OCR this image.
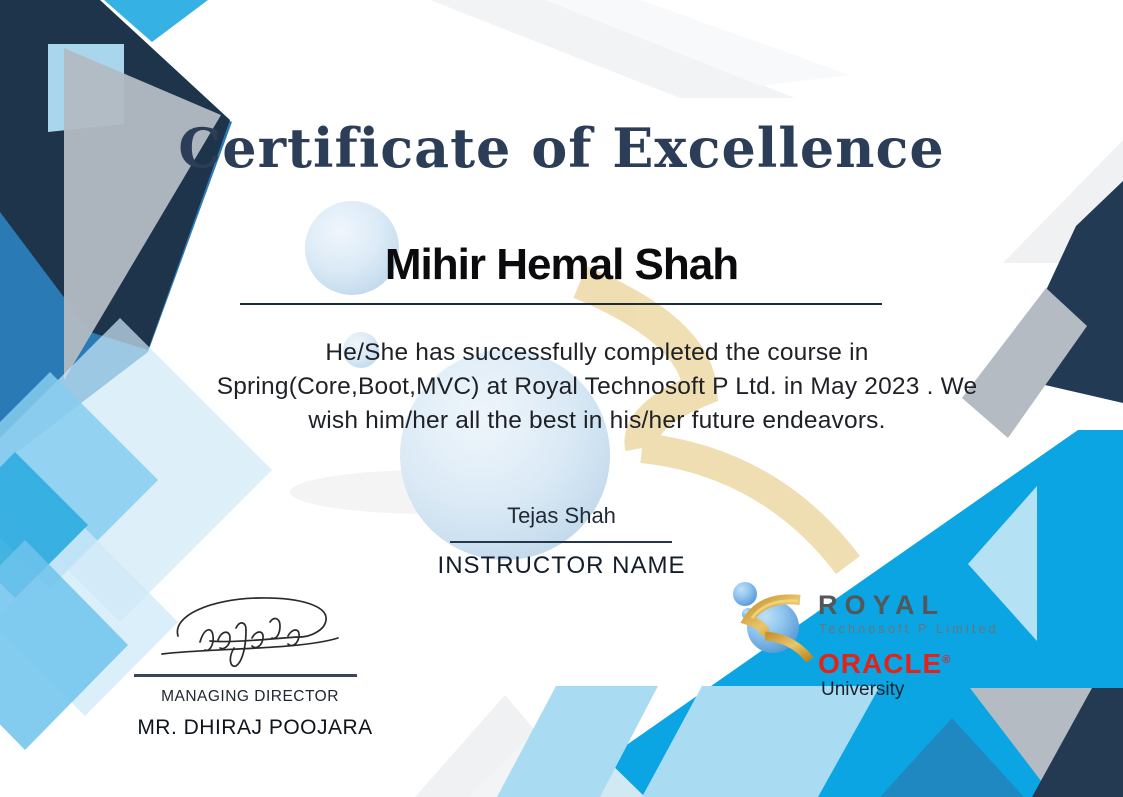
Certificate of Excellence
Mihir Hemal Shah
He/She has successfully completed the course in Spring(Core,Boot,MVC) at Royal Technosoft P Ltd. in May 2023 . We wish him/her all the best in his/her future endeavors.
Tejas Shah
INSTRUCTOR NAME
MANAGING DIRECTOR
MR. DHIRAJ POOJARA
ROYAL
Technosoft P Limited
ORACLE®
University
